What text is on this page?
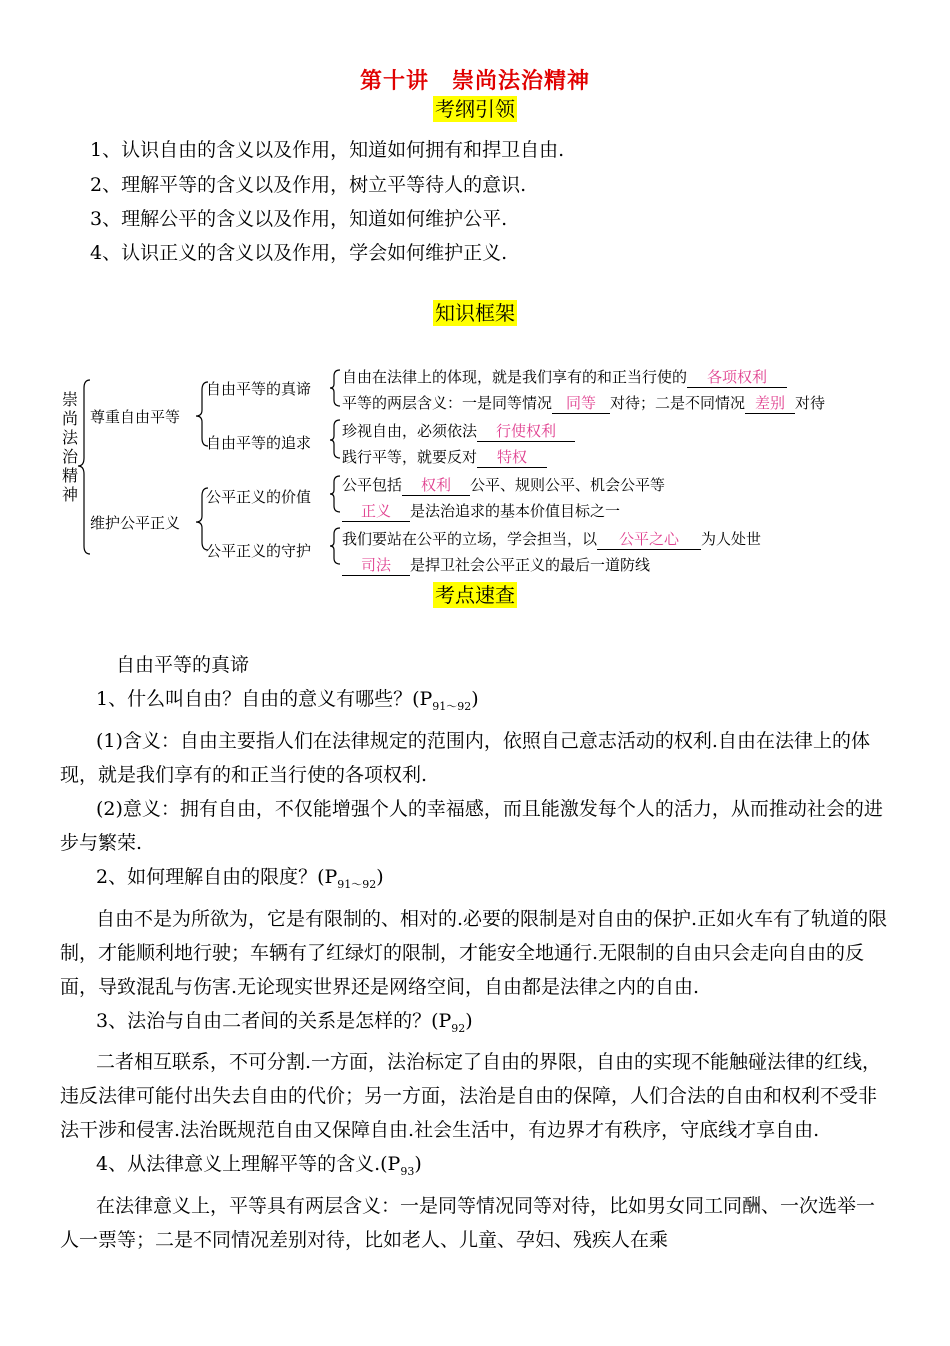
第十讲　崇尚法治精神
考纲引领
1、认识自由的含义以及作用，知道如何拥有和捍卫自由.
2、理解平等的含义以及作用，树立平等待人的意识.
3、理解公平的含义以及作用，知道如何维护公平.
4、认识正义的含义以及作用，学会如何维护正义.
知识框架
崇尚法治精神
尊重自由平等
维护公平正义
自由平等的真谛
自由平等的追求
公平正义的价值
公平正义的守护
自由在法律上的体现，就是我们享有的和正当行使的 各项权利
平等的两层含义：一是同等情况 同等 对待；二是不同情况 差别 对待
珍视自由，必须依法 行使权利
践行平等，就要反对 特权
公平包括 权利 公平、规则公平、机会公平等
正义 是法治追求的基本价值目标之一
我们要站在公平的立场，学会担当，以 公平之心 为人处世
司法 是捍卫社会公平正义的最后一道防线
考点速查

自由平等的真谛

1、什么叫自由？自由的意义有哪些？$(P_{91\sim 92})$

(1)含义：自由主要指人们在法律规定的范围内，依照自己意志活动的权利.自由在法律上的体现，就是我们享有的和正当行使的各项权利.

(2)意义：拥有自由，不仅能增强个人的幸福感，而且能激发每个人的活力，从而推动社会的进步与繁荣.

2、如何理解自由的限度？$(P_{91\sim 92})$

自由不是为所欲为，它是有限制的、相对的.必要的限制是对自由的保护.正如火车有了轨道的限制，才能顺利地行驶；车辆有了红绿灯的限制，才能安全地通行.无限制的自由只会走向自由的反面，导致混乱与伤害.无论现实世界还是网络空间，自由都是法律之内的自由.

3、法治与自由二者间的关系是怎样的？$(P_{92})$

二者相互联系，不可分割.一方面，法治标定了自由的界限，自由的实现不能触碰法律的红线，违反法律可能付出失去自由的代价；另一方面，法治是自由的保障，人们合法的自由和权利不受非法干涉和侵害.法治既规范自由又保障自由.社会生活中，有边界才有秩序，守底线才享自由.

4、从法律意义上理解平等的含义$.(P_{93})$

在法律意义上，平等具有两层含义：一是同等情况同等对待，比如男女同工同酬、一次选举一人一票等；二是不同情况差别对待，比如老人、儿童、孕妇、残疾人在乘
